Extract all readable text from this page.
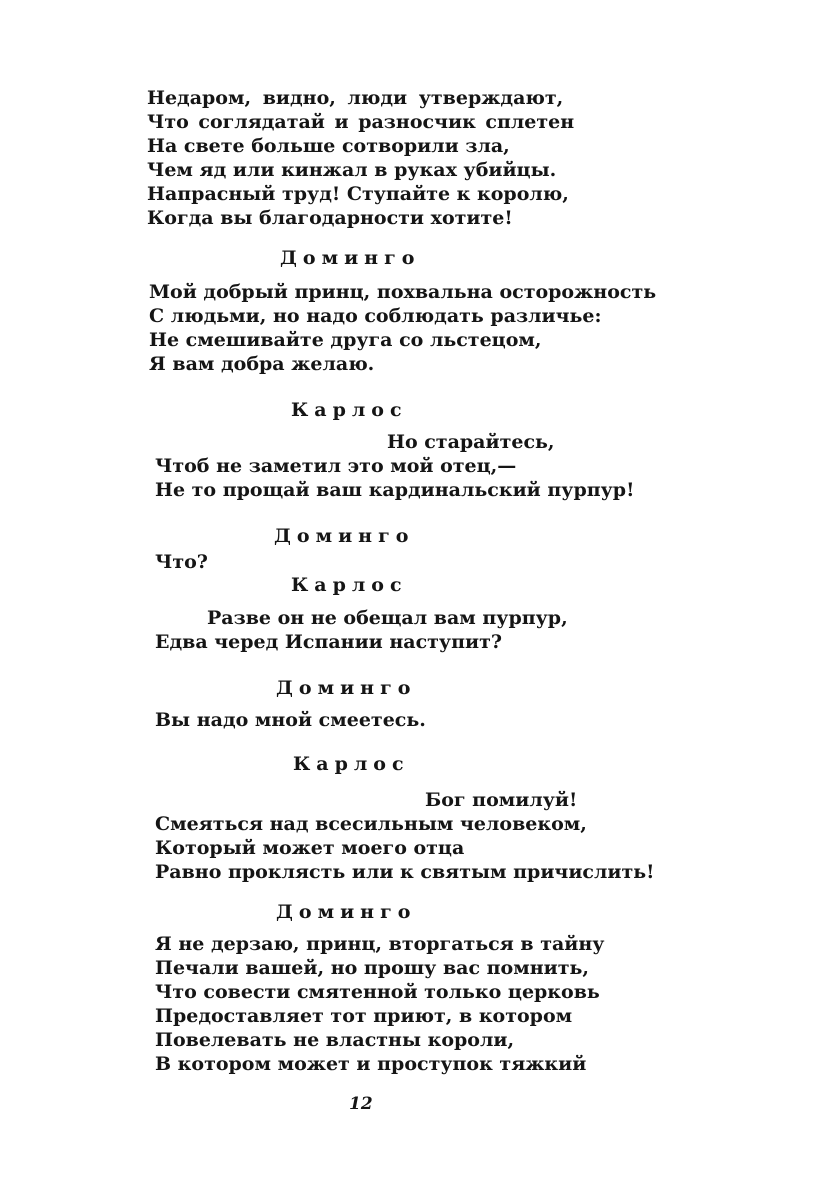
Недаром, видно, люди утверждают,
Что соглядатай и разносчик сплетен
На свете больше сотворили зла,
Чем яд или кинжал в руках убийцы.
Напрасный труд! Ступайте к королю,
Когда вы благодарности хотите!
Доминго
Мой добрый принц, похвальна осторожность
С людьми, но надо соблюдать различье:
Не смешивайте друга со льстецом,
Я вам добра желаю.
Карлос
Но старайтесь,
Чтоб не заметил это мой отец,—
Не то прощай ваш кардинальский пурпур!
Доминго
Что?
Карлос
Разве он не обещал вам пурпур,
Едва черед Испании наступит?
Доминго
Вы надо мной смеетесь.
Карлос
Бог помилуй!
Смеяться над всесильным человеком,
Который может моего отца
Равно проклясть или к святым причислить!
Доминго
Я не дерзаю, принц, вторгаться в тайну
Печали вашей, но прошу вас помнить,
Что совести смятенной только церковь
Предоставляет тот приют, в котором
Повелевать не властны короли,
В котором может и проступок тяжкий
12
